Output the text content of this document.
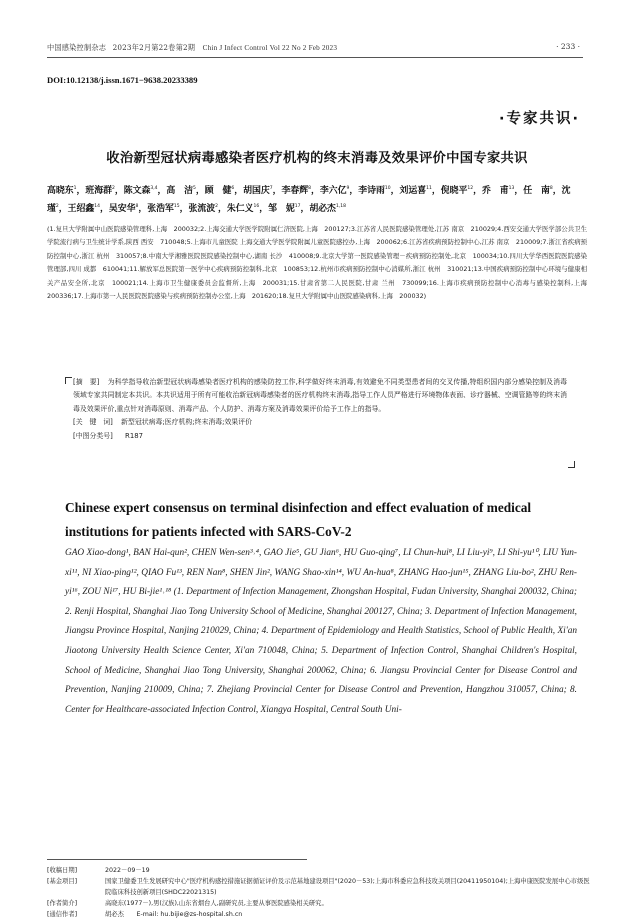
中国感染控制杂志 2023年2月第22卷第2期 Chin J Infect Control Vol 22 No 2 Feb 2023	· 233 ·
DOI:10.12138/j.issn.1671−9638.20233389
·专家共识·
收治新型冠状病毒感染者医疗机构的终末消毒及效果评价中国专家共识
高晓东$^1$，班海群$^2$，陈文森$^{3,4}$，高　洁$^5$，顾　健$^6$，胡国庆$^7$，李春辉$^8$，李六亿$^9$，李诗雨$^{10}$，刘运喜$^{11}$，倪晓平$^{12}$，乔　甫$^{13}$，任　南$^8$，沈　瑾$^2$，王绍鑫$^{14}$，吴安华$^8$，张浩军$^{15}$，张流波$^2$，朱仁义$^{16}$，邹　妮$^{17}$，胡必杰$^{1,18}$
(1.复旦大学附属中山医院感染管理科,上海　200032;2.上海交通大学医学院附属仁济医院,上海　200127;3.江苏省人民医院感染管理处,江苏 南京　210029;4.西安交通大学医学部公共卫生学院流行病与卫生统计学系,陕西 西安　710048;5.上海市儿童医院 上海交通大学医学院附属儿童医院感控办,上海　200062;6.江苏省疾病预防控制中心,江苏 南京　210009;7.浙江省疾病预防控制中心,浙江 杭州　310057;8.中南大学湘雅医院医院感染控制中心,湖南 长沙　410008;9.北京大学第一医院感染管理－疾病预防控制处,北京　100034;10.四川大学华西医院医院感染管理部,四川 成都　610041;11.解放军总医院第一医学中心疾病预防控制科,北京　100853;12.杭州市疾病预防控制中心消媒所,浙江 杭州　310021;13.中国疾病预防控制中心环境与健康相关产品安全所,北京　100021;14.上海市卫生健康委员会监督所,上海　200031;15.甘肃省第二人民医院,甘肃 兰州　730099;16.上海市疾病预防控制中心消毒与感染控制科,上海　200336;17.上海市第一人民医院医院感染与疾病预防控制办公室,上海　201620;18.复旦大学附属中山医院感染病科,上海　200032)
[摘　要] 为科学指导收治新型冠状病毒感染者医疗机构的感染防控工作,科学做好终末消毒,有效避免不同类型患者间的交叉传播,特组织国内部分感染控制及消毒领域专家共同制定本共识。本共识适用于所有可能收治新冠病毒感染者的医疗机构终末消毒,指导工作人员严格进行环境物体表面、诊疗器械、空调管路等的终末消毒及效果评价,重点针对消毒原则、消毒产品、个人防护、消毒方案及消毒效果评价给予工作上的指导。
[关　键　词] 新型冠状病毒;医疗机构;终末消毒;效果评价
[中图分类号] R187
Chinese expert consensus on terminal disinfection and effect evaluation of medical institutions for patients infected with SARS-CoV-2
GAO Xiao-dong¹, BAN Hai-qun², CHEN Wen-sen³˒⁴, GAO Jie⁵, GU Jian⁶, HU Guo-qing⁷, LI Chun-hui⁸, LI Liu-yi⁹, LI Shi-yu¹⁰, LIU Yun-xi¹¹, NI Xiao-ping¹², QIAO Fu¹³, REN Nan⁸, SHEN Jin², WANG Shao-xin¹⁴, WU An-hua⁸, ZHANG Hao-jun¹⁵, ZHANG Liu-bo², ZHU Ren-yi¹⁶, ZOU Ni¹⁷, HU Bi-jie¹˒¹⁸ (1. Department of Infection Management, Zhongshan Hospital, Fudan University, Shanghai 200032, China; 2. Renji Hospital, Shanghai Jiao Tong University School of Medicine, Shanghai 200127, China; 3. Department of Infection Management, Jiangsu Province Hospital, Nanjing 210029, China; 4. Department of Epidemiology and Health Statistics, School of Public Health, Xi'an Jiaotong University Health Science Center, Xi'an 710048, China; 5. Department of Infection Control, Shanghai Children's Hospital, School of Medicine, Shanghai Jiao Tong University, Shanghai 200062, China; 6. Jiangsu Provincial Center for Disease Control and Prevention, Nanjing 210009, China; 7. Zhejiang Provincial Center for Disease Control and Prevention, Hangzhou 310057, China; 8. Center for Healthcare-associated Infection Control, Xiangya Hospital, Central South Uni-
[收稿日期]	2022－09－19
[基金项目]	国家卫健委卫生发展研究中心"医疗机构感控措施证据循证评价及示范基地建设项目"(2020－53);上海市科委应急科技攻关项目(20411950104);上海申康医院发展中心市级医院临床科技创新项目(SHDC22021315)
[作者简介]	高晓东(1977－),男(汉族),山东省烟台人,副研究员,主要从事医院感染相关研究。
[通信作者]	胡必杰　　E-mail: hu.bijie@zs-hospital.sh.cn
